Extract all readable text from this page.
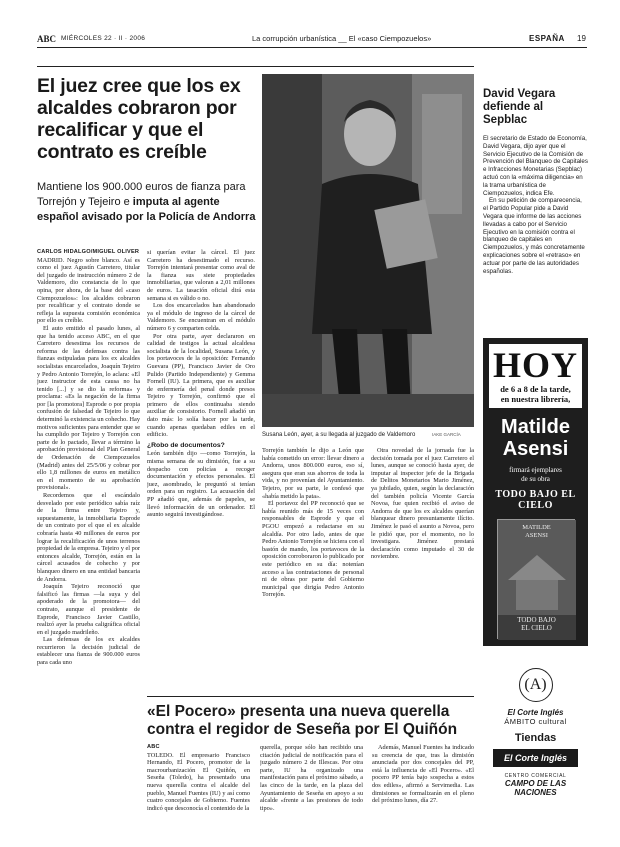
ABC MIÉRCOLES 22 · II · 2006	La corrupción urbanística __ El «caso Ciempozuelos»	ESPAÑA 19
El juez cree que los ex alcaldes cobraron por recalificar y que el contrato es creíble
Mantiene los 900.000 euros de fianza para Torrejón y Tejeiro e imputa al agente español avisado por la Policía de Andorra
CARLOS HIDALGO/MIGUEL OLIVER

MADRID. Negro sobre blanco. Así es como el juez Agustín Carretero, titular del juzgado de instrucción número 2 de Valdemoro, dio constancia de lo que opina, por ahora, de la base del «caso Ciempozuelos»: los alcaldes cobraron por recalificar y el contrato donde se refleja la supuesta comisión económica por ello es creíble.

El auto emitido el pasado lunes, al que ha tenido acceso ABC, en el que Carretero desestima los recursos de reforma de las defensas contra las fianzas estipuladas para los ex alcaldes socialistas encarcelados, Joaquín Tejeiro y Pedro Antonio Torrejón, lo aclara: «El juez instructor de esta causa no ha tenido [...] y se dio la reforma» y proclama: «Es la negación de la firma por [la promotora] Esprode o por propia confusión de falsedad de Tejeiro lo que determinó la existencia un cohecho. Hay motivos suficientes para entender que se ha cumplido por Tejeiro y Torrejón con parte de lo pactado, llevar a término la aprobación provisional del Plan General de Ordenación de Ciempozuelos (Madrid) antes del 25/5/06 y cobrar por ello 1,8 millones de euros en metálico en el momento de su aprobación provisional».

Recordemos que el escándalo desvelado por este periódico sabía raíz de la firma entre Tejeiro y, supuestamente, la inmobiliaria Esprode de un contrato por el que el ex alcalde cobraría hasta 40 millones de euros por lograr la recalificación de unos terrenos propiedad de la empresa. Tejeiro y el por entonces alcalde, Torrejón, están en la cárcel acusados de cohecho y por blanqueo dinero en una entidad bancaria de Andorra.

Joaquín Tejeiro reconoció que falsificó las firmas —la suya y del apoderado de la promotora— del contrato, aunque el presidente de Esprode, Francisco Javier Castillo, realizó ayer la prueba caligráfica oficial en el juzgado madrileño.

Las defensas de los ex alcaldes recurrieron la decisión judicial de establecer una fianza de 900.000 euros para cada uno

si querían evitar la cárcel. El juez Carretero ha desestimado el recurso. Torrejón intentará presentar como aval de la fianza sus siete propiedades inmobiliarias, que valoran a 2,01 millones de euros. La tasación oficial dirá esta semana si es válido o no.

Los dos encarcelados han abandonado ya el módulo de ingreso de la cárcel de Valdemoro. Se encuentran en el módulo número 6 y comparten celda.

Por otra parte, ayer declararon en calidad de testigos la actual alcaldesa socialista de la localidad, Susana León, y los portavoces de la oposición: Fernando Guevara (PP), Francisco Javier de Oro Pulido (Partido Independiente) y Gemma Fornell (IU). La primera, que es auxiliar de enfermería del penal donde presos Tejeiro y Torrejón, confirmó que el primero de ellos continuaba siendo auxiliar de consistorio. Fornell añadió un dato más: lo solía hacer por la tarde, cuando apenas quedaban ediles en el edificio.

¿Robo de documentos?

León también dijo —como Torrejón, la misma semana de su dimisión, fue a su despacho con policías a recoger documentación y efectos personales. El juez, asombrado, le preguntó si tenían orden para un registro. La acusación del PP añadió que, además de papeles, se llevó información de un ordenador. El asunto seguirá investigándose.

Susana León, ayer, a su llegada al juzgado de Valdemoro	IAKE GARCÍA

Torrejón también le dijo a León que había cometido un error: llevar dinero a Andorra, unos 800.000 euros, eso sí, asegura que eran sus ahorros de toda la vida, y no provenían del Ayuntamiento. Tejeiro, por su parte, le confesó que «había metido la pata».

El portavoz del PP reconoció que se había reunido más de 15 veces con responsables de Esprode y que el PGOU empezó a redactarse en su alcaldía. Por otro lado, antes de que Pedro Antonio Torrejón se hiciera con el bastón de mando, los portavoces de la oposición corroboraron lo publicado por este periódico en su día: notenían acceso a las contrataciones de personal ni de obras por parte del Gobierno municipal que dirigía Pedro Antonio Torrejón.

Otra novedad de la jornada fue la decisión tomada por el juez Carretero el lunes, aunque se conoció hasta ayer, de imputar al inspector jefe de la Brigada de Delitos Monetarios Mario Jiménez, ya jubilado, quien, según la declaración del también policía Vicente García Novoa, fue quien recibió el aviso de Andorra de que los ex alcaldes querían blanquear dinero presuntamente ilícito. Jiménez le pasó el asunto a Novoa, pero le pidió que, por el momento, no lo investigara. Jiménez prestará declaración como imputado el 30 de noviembre.

David Vegara defiende al Sepblac

El secretario de Estado de Economía, David Vegara, dijo ayer que el Servicio Ejecutivo de la Comisión de Prevención del Blanqueo de Capitales e Infracciones Monetarias (Sepblac) actuó con la «máxima diligencia» en la trama urbanística de Ciempozuelos, indica Efe.

En su petición de comparecencia, el Partido Popular pide a David Vegara que informe de las acciones llevadas a cabo por el Servicio Ejecutivo en la comisión contra el blanqueo de capitales en Ciempozuelos, y más concretamente explicaciones sobre el «retraso» en actuar por parte de las autoridades españolas.

HOY
de 6 a 8 de la tarde,
en nuestra librería,
Matilde
Asensi
firmará ejemplares
de su obra
TODO BAJO EL CIELO
MATILDE
ASENSI
TODO BAJO
EL CIELO
«El Pocero» presenta una nueva querella contra el regidor de Seseña por El Quiñón
ABC

TOLEDO. El empresario Francisco Hernando, El Pocero, promotor de la macrourbanización El Quiñón, en Seseña (Toledo), ha presentado una nueva querella contra el alcalde del pueblo, Manuel Fuentes (IU) y así como cuatro concejales de Gobierno. Fuentes indicó que desconocía el contenido de la

querella, porque sólo han recibido una citación judicial de notificación para el juzgado número 2 de Illescas. Por otra parte, IU ha organizado una manifestación para el próximo sábado, a las cinco de la tarde, en la plaza del Ayuntamiento de Seseña en apoyo a su alcalde «frente a las presiones de todo tipo».

Además, Manuel Fuentes ha indicado su creencia de que, tras la dimisión anunciada por dos concejales del PP, está la influencia de «El Pocero». «El pocero PP tenía bajo sospecha a estos dos ediles», afirmó a Servimedia. Las dimisiones se formalizarán en el pleno del próximo lunes, día 27.

(A)
El Corte Inglés
ÁMBITO cultural
Tiendas
El Corte Inglés
CENTRO COMERCIAL
CAMPO DE LAS NACIONES
